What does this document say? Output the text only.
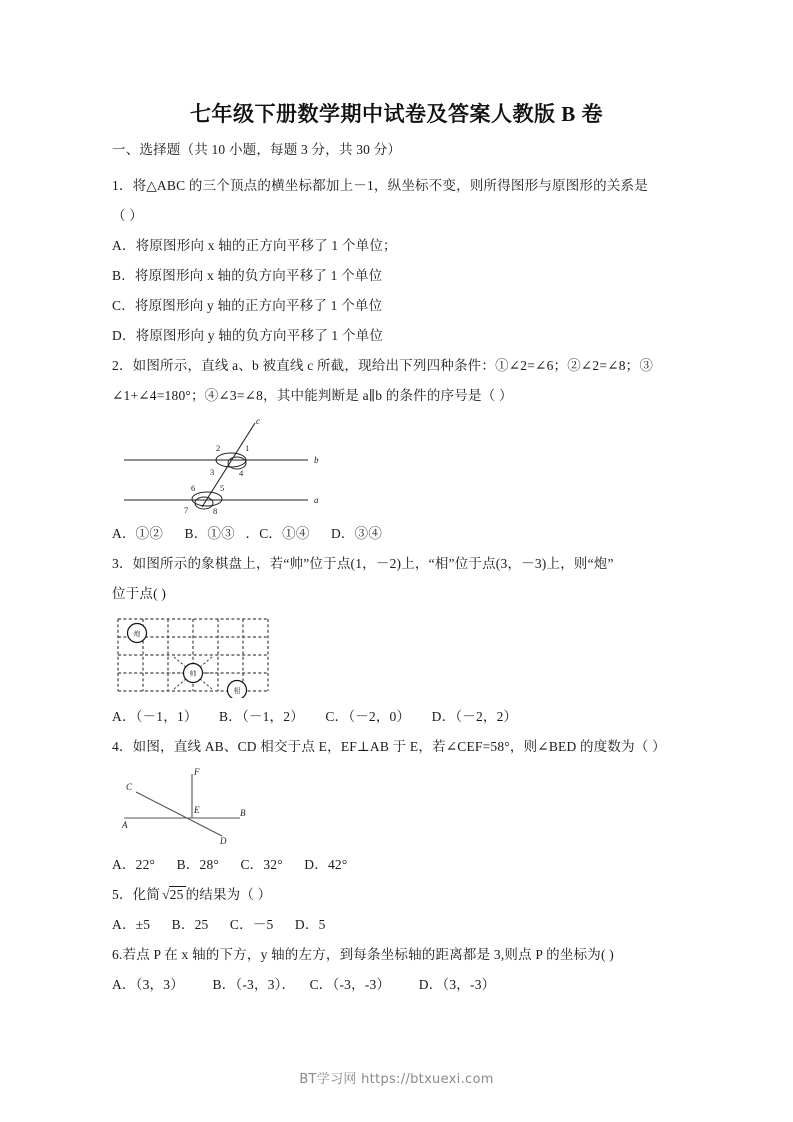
七年级下册数学期中试卷及答案人教版 B 卷

一、选择题（共 10 小题，每题 3 分，共 30 分）

1．将△ABC 的三个顶点的横坐标都加上－1，纵坐标不变，则所得图形与原图形的关系是

（ ）

A．将原图形向 x 轴的正方向平移了 1 个单位；

B．将原图形向 x 轴的负方向平移了 1 个单位

C．将原图形向 y 轴的正方向平移了 1 个单位

D．将原图形向 y 轴的负方向平移了 1 个单位

2．如图所示，直线 a、b 被直线 c 所截，现给出下列四种条件：①∠2=∠6；②∠2=∠8；③

∠1+∠4=180°；④∠3=∠8，其中能判断是 a∥b 的条件的序号是（ ）

c
b
a
2	1
3	4
6	5
7	8

A．①②      B．①③   ．C．①④      D．③④

3．如图所示的象棋盘上，若“帅”位于点(1，－2)上，“相”位于点(3，－3)上，则“炮”

位于点( )

炮
帅
相

A．（－1，1）      B．（－1，2）      C．（－2，0）      D．（－2，2）

4．如图，直线 AB、CD 相交于点 E，EF⊥AB 于 E，若∠CEF=58°，则∠BED 的度数为（ ）

F
C
E
A
B
D

A．22°      B．28°      C．32°      D．42°

5．化简 √25 的结果为（ ）

A．±5      B．25      C．－5      D．5

6.若点 P 在 x 轴的下方，y 轴的左方，到每条坐标轴的距离都是 3,则点 P 的坐标为( )

A．（3，3）        B．（-3，3）．    C．（-3，-3）        D．（3，-3）

BT学习网 https://btxuexi.com
